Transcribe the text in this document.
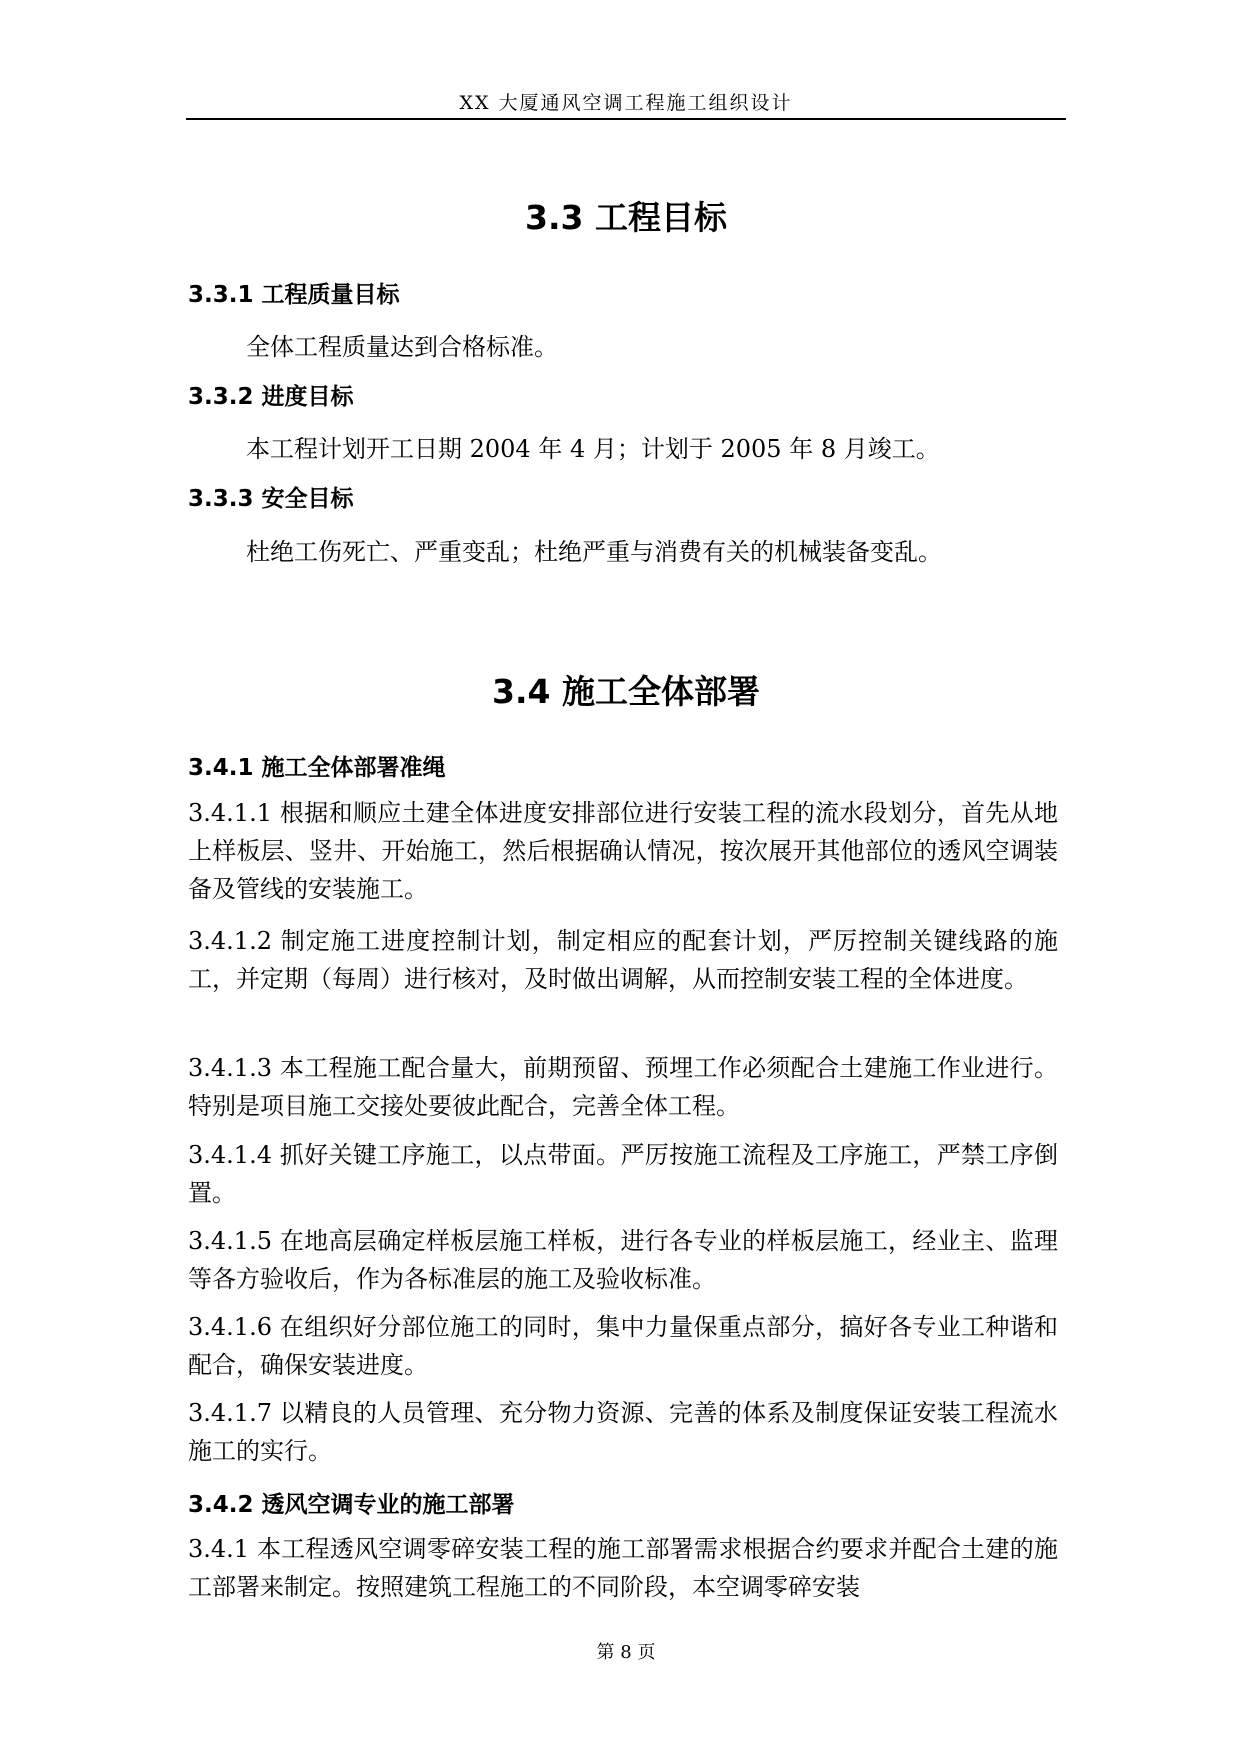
XX 大厦通风空调工程施工组织设计
3.3 工程目标
3.3.1 工程质量目标

全体工程质量达到合格标准。

3.3.2 进度目标

本工程计划开工日期 2004 年 4 月；计划于 2005 年 8 月竣工。

3.3.3 安全目标

杜绝工伤死亡、严重变乱；杜绝严重与消费有关的机械装备变乱。

3.4 施工全体部署
3.4.1 施工全体部署准绳

3.4.1.1 根据和顺应土建全体进度安排部位进行安装工程的流水段划分，首先从地上样板层、竖井、开始施工，然后根据确认情况，按次展开其他部位的透风空调装备及管线的安装施工。

3.4.1.2 制定施工进度控制计划，制定相应的配套计划，严厉控制关键线路的施工，并定期（每周）进行核对，及时做出调解，从而控制安装工程的全体进度。

3.4.1.3 本工程施工配合量大，前期预留、预埋工作必须配合土建施工作业进行。特别是项目施工交接处要彼此配合，完善全体工程。

3.4.1.4 抓好关键工序施工，以点带面。严厉按施工流程及工序施工，严禁工序倒置。

3.4.1.5 在地高层确定样板层施工样板，进行各专业的样板层施工，经业主、监理等各方验收后，作为各标准层的施工及验收标准。

3.4.1.6 在组织好分部位施工的同时，集中力量保重点部分，搞好各专业工种谐和配合，确保安装进度。

3.4.1.7 以精良的人员管理、充分物力资源、完善的体系及制度保证安装工程流水施工的实行。

3.4.2 透风空调专业的施工部署

3.4.1 本工程透风空调零碎安装工程的施工部署需求根据合约要求并配合土建的施工部署来制定。按照建筑工程施工的不同阶段，本空调零碎安装

第 8 页
